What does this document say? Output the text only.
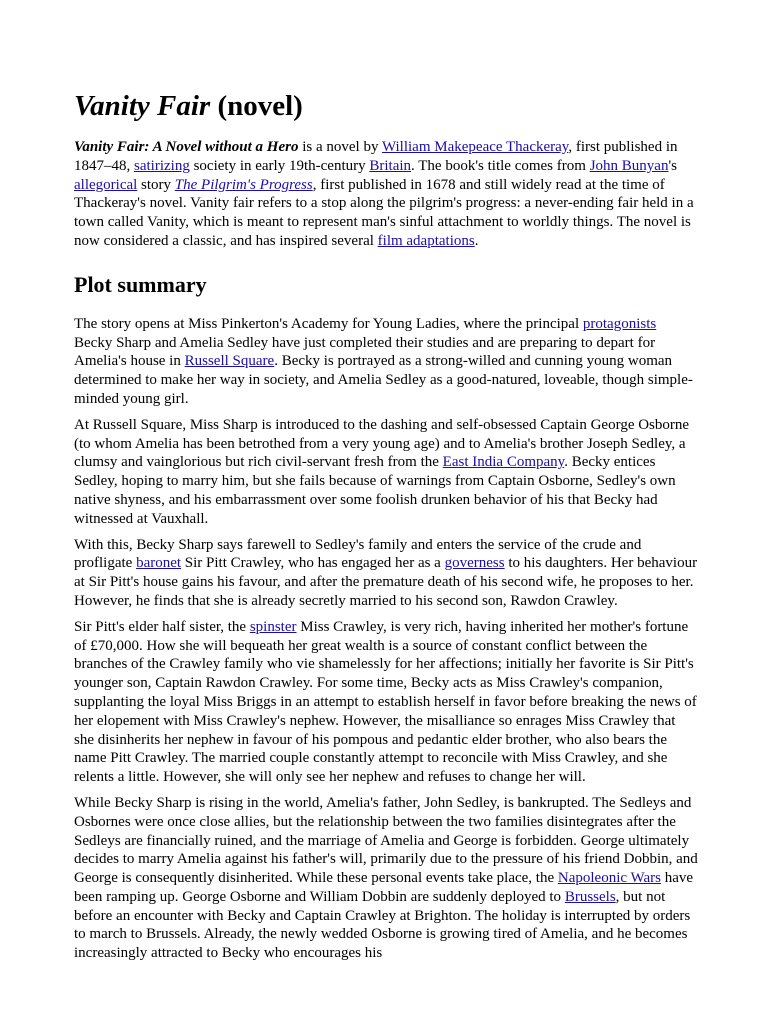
Vanity Fair (novel)

Vanity Fair: A Novel without a Hero is a novel by William Makepeace Thackeray, first published in 1847–48, satirizing society in early 19th-century Britain. The book's title comes from John Bunyan's allegorical story The Pilgrim's Progress, first published in 1678 and still widely read at the time of Thackeray's novel. Vanity fair refers to a stop along the pilgrim's progress: a never-ending fair held in a town called Vanity, which is meant to represent man's sinful attachment to worldly things. The novel is now considered a classic, and has inspired several film adaptations.

Plot summary

The story opens at Miss Pinkerton's Academy for Young Ladies, where the principal protagonists Becky Sharp and Amelia Sedley have just completed their studies and are preparing to depart for Amelia's house in Russell Square. Becky is portrayed as a strong-willed and cunning young woman determined to make her way in society, and Amelia Sedley as a good-natured, loveable, though simple-minded young girl.

At Russell Square, Miss Sharp is introduced to the dashing and self-obsessed Captain George Osborne (to whom Amelia has been betrothed from a very young age) and to Amelia's brother Joseph Sedley, a clumsy and vainglorious but rich civil-servant fresh from the East India Company. Becky entices Sedley, hoping to marry him, but she fails because of warnings from Captain Osborne, Sedley's own native shyness, and his embarrassment over some foolish drunken behavior of his that Becky had witnessed at Vauxhall.

With this, Becky Sharp says farewell to Sedley's family and enters the service of the crude and profligate baronet Sir Pitt Crawley, who has engaged her as a governess to his daughters. Her behaviour at Sir Pitt's house gains his favour, and after the premature death of his second wife, he proposes to her. However, he finds that she is already secretly married to his second son, Rawdon Crawley.

Sir Pitt's elder half sister, the spinster Miss Crawley, is very rich, having inherited her mother's fortune of £70,000. How she will bequeath her great wealth is a source of constant conflict between the branches of the Crawley family who vie shamelessly for her affections; initially her favorite is Sir Pitt's younger son, Captain Rawdon Crawley. For some time, Becky acts as Miss Crawley's companion, supplanting the loyal Miss Briggs in an attempt to establish herself in favor before breaking the news of her elopement with Miss Crawley's nephew. However, the misalliance so enrages Miss Crawley that she disinherits her nephew in favour of his pompous and pedantic elder brother, who also bears the name Pitt Crawley. The married couple constantly attempt to reconcile with Miss Crawley, and she relents a little. However, she will only see her nephew and refuses to change her will.

While Becky Sharp is rising in the world, Amelia's father, John Sedley, is bankrupted. The Sedleys and Osbornes were once close allies, but the relationship between the two families disintegrates after the Sedleys are financially ruined, and the marriage of Amelia and George is forbidden. George ultimately decides to marry Amelia against his father's will, primarily due to the pressure of his friend Dobbin, and George is consequently disinherited. While these personal events take place, the Napoleonic Wars have been ramping up. George Osborne and William Dobbin are suddenly deployed to Brussels, but not before an encounter with Becky and Captain Crawley at Brighton. The holiday is interrupted by orders to march to Brussels. Already, the newly wedded Osborne is growing tired of Amelia, and he becomes increasingly attracted to Becky who encourages his
